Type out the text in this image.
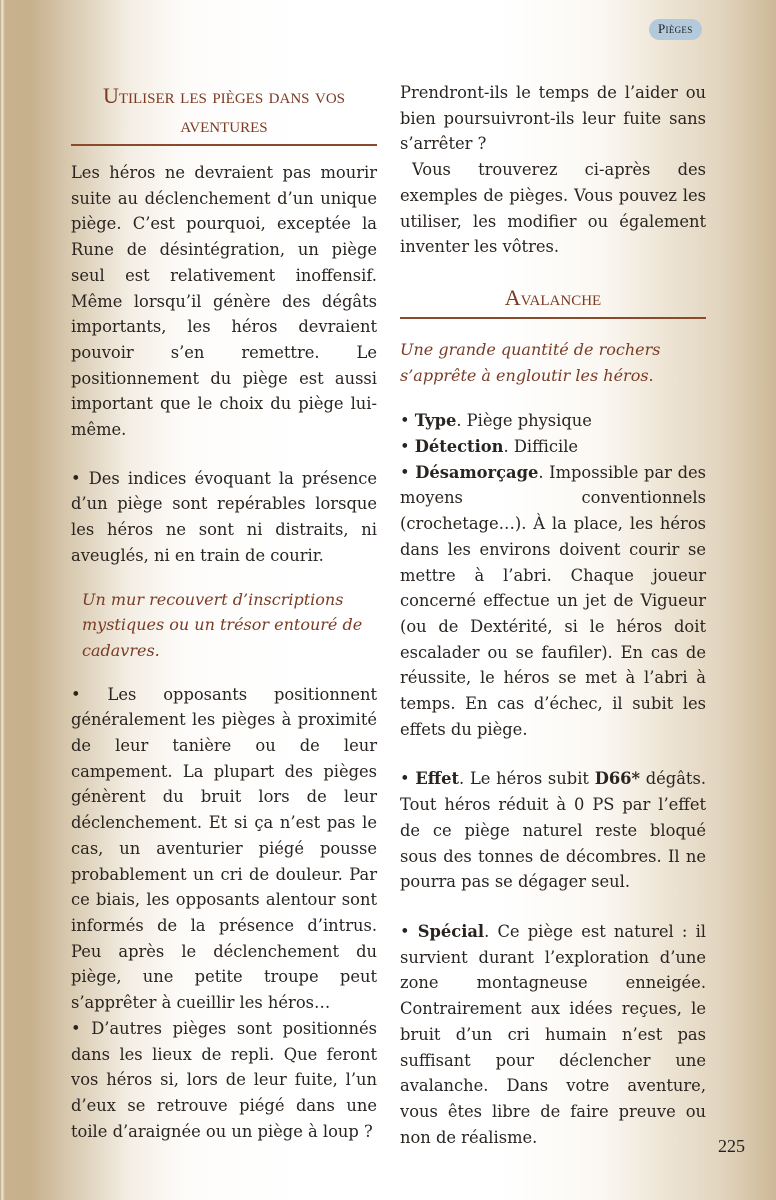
Pièges
Utiliser les pièges dans vos aventures

Les héros ne devraient pas mourir suite au déclenchement d’un unique piège. C’est pourquoi, exceptée la Rune de désintégration, un piège seul est relativement inoffensif. Même lorsqu’il génère des dégâts importants, les héros devraient pouvoir s’en remettre. Le positionnement du piège est aussi important que le choix du piège lui-même.

• Des indices évoquant la présence d’un piège sont repérables lorsque les héros ne sont ni distraits, ni aveuglés, ni en train de courir.

Un mur recouvert d’inscriptions mystiques ou un trésor entouré de cadavres.

• Les opposants positionnent généralement les pièges à proximité de leur tanière ou de leur campement. La plupart des pièges génèrent du bruit lors de leur déclenchement. Et si ça n’est pas le cas, un aventurier piégé pousse probablement un cri de douleur. Par ce biais, les opposants alentour sont informés de la présence d’intrus. Peu après le déclenchement du piège, une petite troupe peut s’apprêter à cueillir les héros…

• D’autres pièges sont positionnés dans les lieux de repli. Que feront vos héros si, lors de leur fuite, l’un d’eux se retrouve piégé dans une toile d’araignée ou un piège à loup ?

Prendront-ils le temps de l’aider ou bien poursuivront-ils leur fuite sans s’arrêter ?

Vous trouverez ci-après des exemples de pièges. Vous pouvez les utiliser, les modifier ou également inventer les vôtres.

Avalanche

Une grande quantité de rochers s’apprête à engloutir les héros.

• Type. Piège physique

• Détection. Difficile

• Désamorçage. Impossible par des moyens conventionnels (crochetage…). À la place, les héros dans les environs doivent courir se mettre à l’abri. Chaque joueur concerné effectue un jet de Vigueur (ou de Dextérité, si le héros doit escalader ou se faufiler). En cas de réussite, le héros se met à l’abri à temps. En cas d’échec, il subit les effets du piège.

• Effet. Le héros subit D66* dégâts. Tout héros réduit à 0 PS par l’effet de ce piège naturel reste bloqué sous des tonnes de décombres. Il ne pourra pas se dégager seul.

• Spécial. Ce piège est naturel : il survient durant l’exploration d’une zone montagneuse enneigée. Contrairement aux idées reçues, le bruit d’un cri humain n’est pas suffisant pour déclencher une avalanche. Dans votre aventure, vous êtes libre de faire preuve ou non de réalisme.	225
